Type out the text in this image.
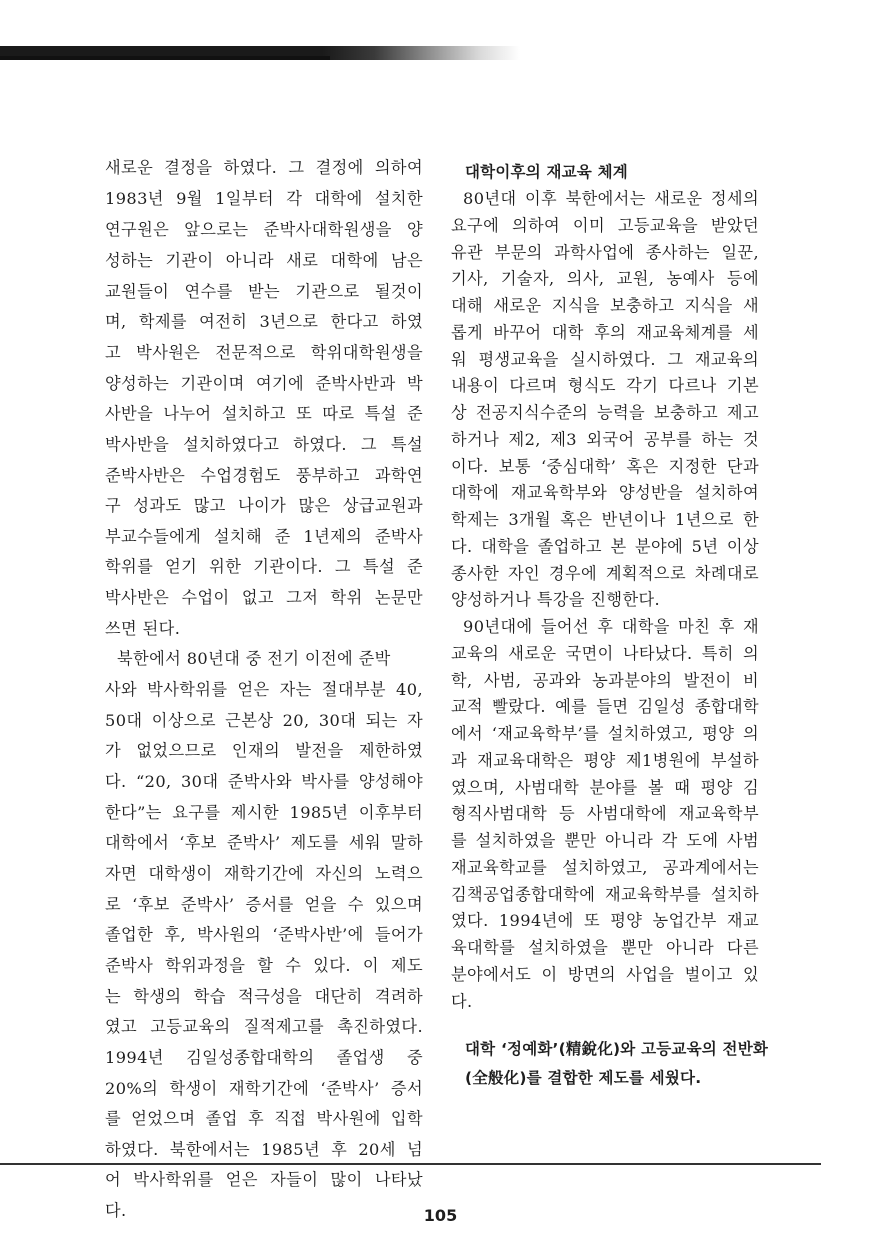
새로운 결정을 하였다. 그 결정에 의하여
1983년 9월 1일부터 각 대학에 설치한
연구원은 앞으로는 준박사대학원생을 양
성하는 기관이 아니라 새로 대학에 남은
교원들이 연수를 받는 기관으로 될것이
며, 학제를 여전히 3년으로 한다고 하였
고 박사원은 전문적으로 학위대학원생을
양성하는 기관이며 여기에 준박사반과 박
사반을 나누어 설치하고 또 따로 특설 준
박사반을 설치하였다고 하였다. 그 특설
준박사반은 수업경험도 풍부하고 과학연
구 성과도 많고 나이가 많은 상급교원과
부교수들에게 설치해 준 1년제의 준박사
학위를 얻기 위한 기관이다. 그 특설 준
박사반은 수업이 없고 그저 학위 논문만
쓰면 된다.
북한에서 80년대 중 전기 이전에 준박
사와 박사학위를 얻은 자는 절대부분 40,
50대 이상으로 근본상 20, 30대 되는 자
가 없었으므로 인재의 발전을 제한하였
다. “20, 30대 준박사와 박사를 양성해야
한다”는 요구를 제시한 1985년 이후부터
대학에서 ‘후보 준박사’ 제도를 세워 말하
자면 대학생이 재학기간에 자신의 노력으
로 ‘후보 준박사’ 증서를 얻을 수 있으며
졸업한 후, 박사원의 ‘준박사반’에 들어가
준박사 학위과정을 할 수 있다. 이 제도
는 학생의 학습 적극성을 대단히 격려하
였고 고등교육의 질적제고를 촉진하였다.
1994년 김일성종합대학의 졸업생 중
20%의 학생이 재학기간에 ‘준박사’ 증서
를 얻었으며 졸업 후 직접 박사원에 입학
하였다. 북한에서는 1985년 후 20세 넘
어 박사학위를 얻은 자들이 많이 나타났
다.
대학이후의 재교육 체계
80년대 이후 북한에서는 새로운 정세의
요구에 의하여 이미 고등교육을 받았던
유관 부문의 과학사업에 종사하는 일꾼,
기사, 기술자, 의사, 교원, 농예사 등에
대해 새로운 지식을 보충하고 지식을 새
롭게 바꾸어 대학 후의 재교육체계를 세
워 평생교육을 실시하였다. 그 재교육의
내용이 다르며 형식도 각기 다르나 기본
상 전공지식수준의 능력을 보충하고 제고
하거나 제2, 제3 외국어 공부를 하는 것
이다. 보통 ‘중심대학’ 혹은 지정한 단과
대학에 재교육학부와 양성반을 설치하여
학제는 3개월 혹은 반년이나 1년으로 한
다. 대학을 졸업하고 본 분야에 5년 이상
종사한 자인 경우에 계획적으로 차례대로
양성하거나 특강을 진행한다.
90년대에 들어선 후 대학을 마친 후 재
교육의 새로운 국면이 나타났다. 특히 의
학, 사범, 공과와 농과분야의 발전이 비
교적 빨랐다. 예를 들면 김일성 종합대학
에서 ‘재교육학부’를 설치하였고, 평양 의
과 재교육대학은 평양 제1병원에 부설하
였으며, 사범대학 분야를 볼 때 평양 김
형직사범대학 등 사범대학에 재교육학부
를 설치하였을 뿐만 아니라 각 도에 사범
재교육학교를 설치하였고, 공과계에서는
김책공업종합대학에 재교육학부를 설치하
였다. 1994년에 또 평양 농업간부 재교
육대학를 설치하였을 뿐만 아니라 다른
분야에서도 이 방면의 사업을 벌이고 있
다.
대학 ‘정예화’(精銳化)와 고등교육의 전반화
(全般化)를 결합한 제도를 세웠다.
105
